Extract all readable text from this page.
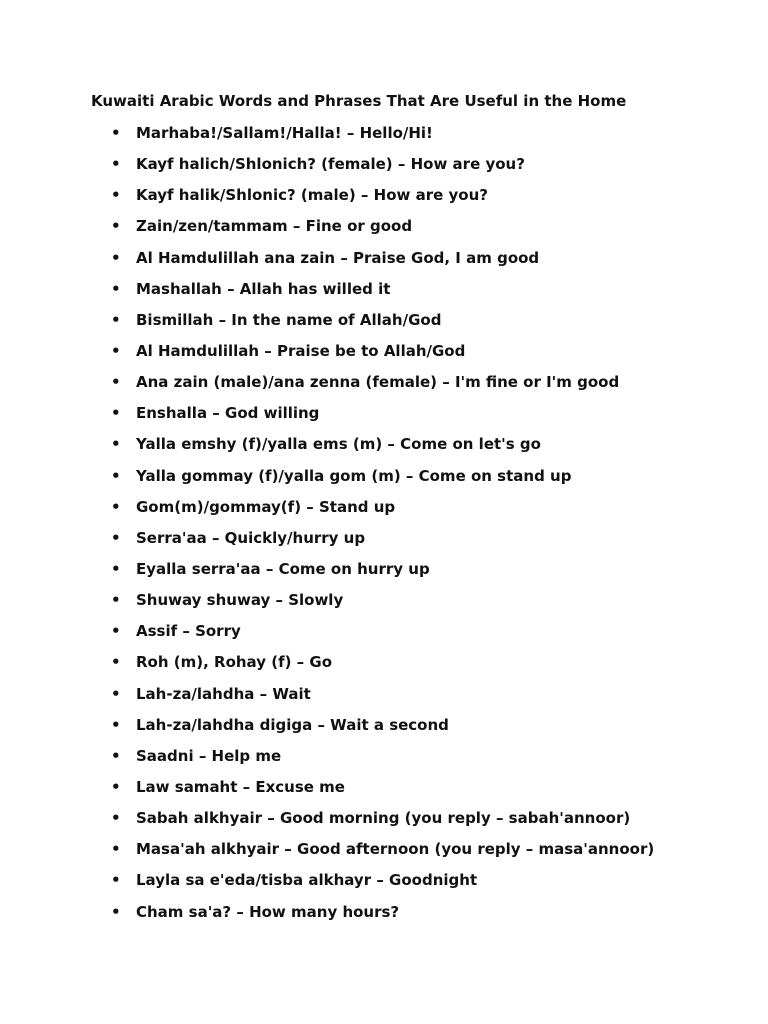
Kuwaiti Arabic Words and Phrases That Are Useful in the Home
• Marhaba!/Sallam!/Halla! – Hello/Hi!
• Kayf halich/Shlonich? (female) – How are you?
• Kayf halik/Shlonic? (male) – How are you?
• Zain/zen/tammam – Fine or good
• Al Hamdulillah ana zain – Praise God, I am good
• Mashallah – Allah has willed it
• Bismillah – In the name of Allah/God
• Al Hamdulillah – Praise be to Allah/God
• Ana zain (male)/ana zenna (female) – I'm fine or I'm good
• Enshalla – God willing
• Yalla emshy (f)/yalla ems (m) – Come on let's go
• Yalla gommay (f)/yalla gom (m) – Come on stand up
• Gom(m)/gommay(f) – Stand up
• Serra'aa – Quickly/hurry up
• Eyalla serra'aa – Come on hurry up
• Shuway shuway – Slowly
• Assif – Sorry
• Roh (m), Rohay (f) – Go
• Lah-za/lahdha – Wait
• Lah-za/lahdha digiga – Wait a second
• Saadni – Help me
• Law samaht – Excuse me
• Sabah alkhyair – Good morning (you reply – sabah'annoor)
• Masa'ah alkhyair – Good afternoon (you reply – masa'annoor)
• Layla sa e'eda/tisba alkhayr – Goodnight
• Cham sa'a? – How many hours?
